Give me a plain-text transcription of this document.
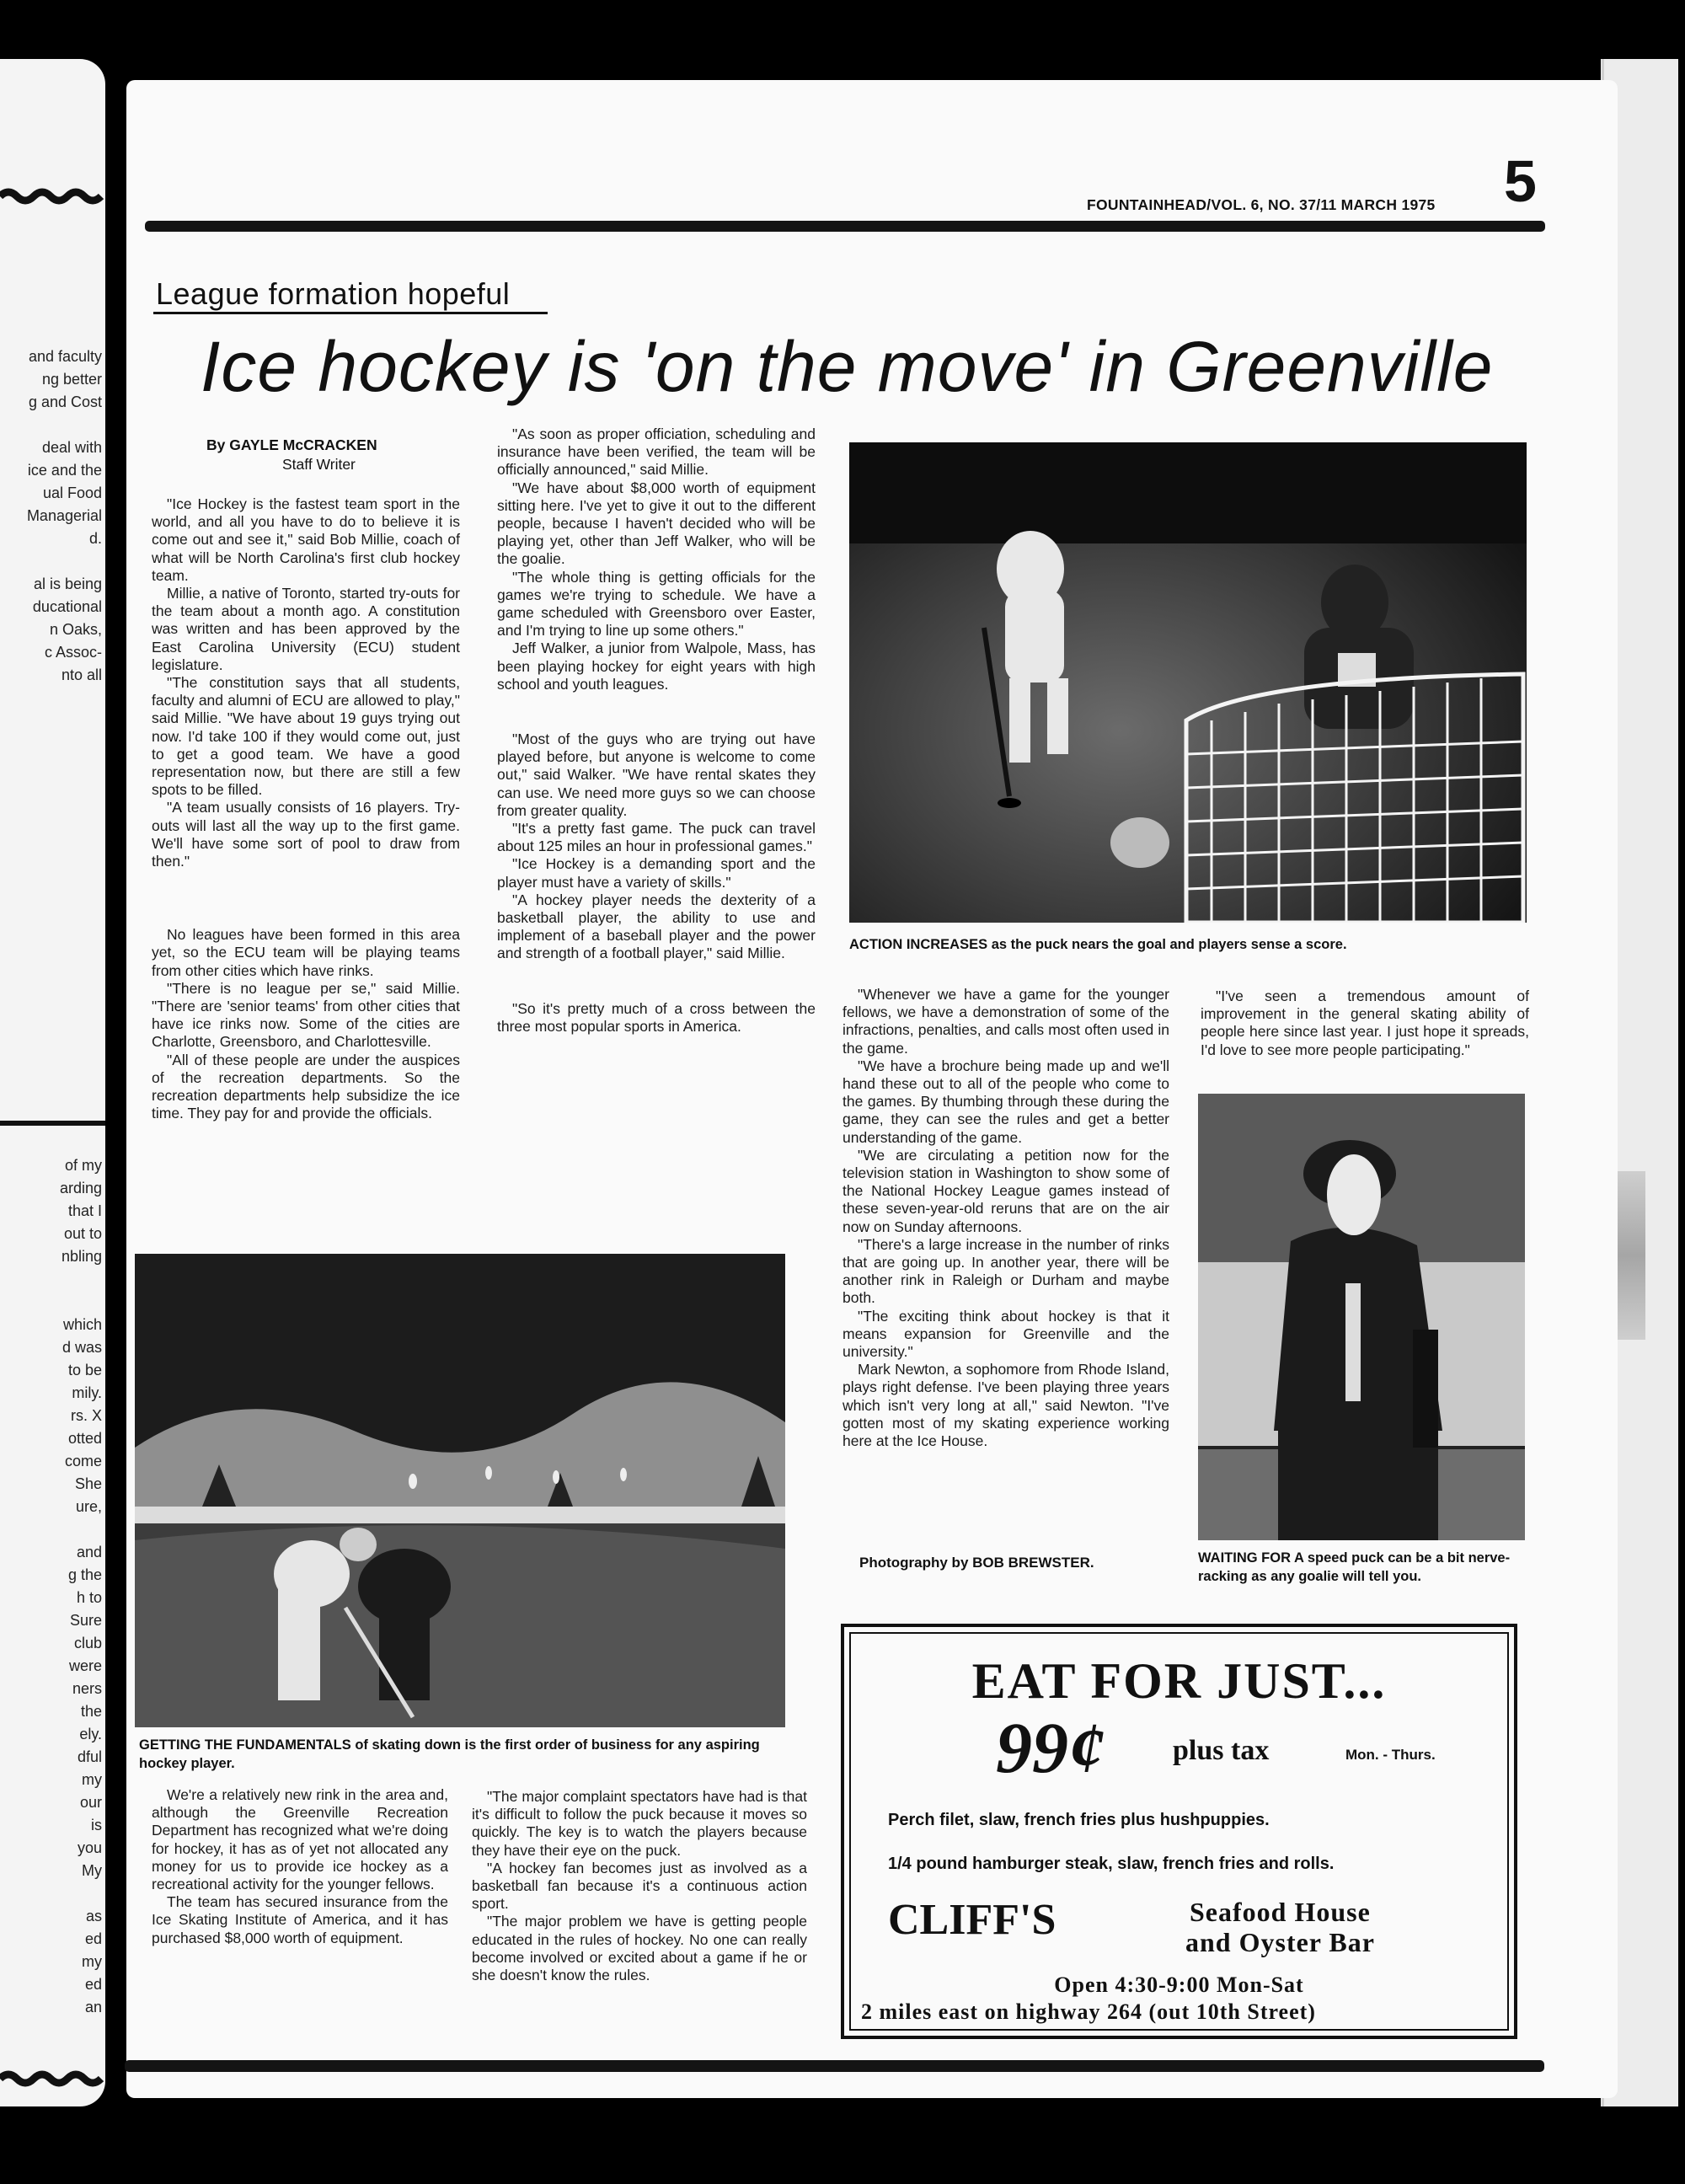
and faculty
ng better
g and Cost

deal with
ice and the
ual Food
Managerial
d.

al is being
ducational
n Oaks,
c Assoc-
nto all
of my
arding
that I
out to
nbling

which
d was
to be
mily.
rs. X
otted
come
She
ure,

and
g the
h to
Sure
club
were
ners
the
ely.
dful
my
our
is
you
My

as
ed
my
ed
an
FOUNTAINHEAD/VOL. 6, NO. 37/11 MARCH 1975 5
League formation hopeful
Ice hockey is 'on the move' in Greenville
By GAYLE McCRACKEN
Staff Writer

"Ice Hockey is the fastest team sport in the world, and all you have to do to believe it is come out and see it," said Bob Millie, coach of what will be North Carolina's first club hockey team.

Millie, a native of Toronto, started try-outs for the team about a month ago. A constitution was written and has been approved by the East Carolina University (ECU) student legislature.

"The constitution says that all students, faculty and alumni of ECU are allowed to play," said Millie. "We have about 19 guys trying out now. I'd take 100 if they would come out, just to get a good team. We have a good representation now, but there are still a few spots to be filled.

"A team usually consists of 16 players. Try-outs will last all the way up to the first game. We'll have some sort of pool to draw from then."

No leagues have been formed in this area yet, so the ECU team will be playing teams from other cities which have rinks.

"There is no league per se," said Millie. "There are 'senior teams' from other cities that have ice rinks now. Some of the cities are Charlotte, Greensboro, and Charlottesville.

"All of these people are under the auspices of the recreation departments. So the recreation departments help subsidize the ice time. They pay for and provide the officials.

"As soon as proper officiation, scheduling and insurance have been verified, the team will be officially announced," said Millie.

"We have about $8,000 worth of equipment sitting here. I've yet to give it out to the different people, because I haven't decided who will be playing yet, other than Jeff Walker, who will be the goalie.

"The whole thing is getting officials for the games we're trying to schedule. We have a game scheduled with Greensboro over Easter, and I'm trying to line up some others."

Jeff Walker, a junior from Walpole, Mass, has been playing hockey for eight years with high school and youth leagues.

"Most of the guys who are trying out have played before, but anyone is welcome to come out," said Walker. "We have rental skates they can use. We need more guys so we can choose from greater quality.

"It's a pretty fast game. The puck can travel about 125 miles an hour in professional games."

"Ice Hockey is a demanding sport and the player must have a variety of skills."

"A hockey player needs the dexterity of a basketball player, the ability to use and implement of a baseball player and the power and strength of a football player," said Millie.

"So it's pretty much of a cross between the three most popular sports in America.

ACTION INCREASES as the puck nears the goal and players sense a score.

"Whenever we have a game for the younger fellows, we have a demonstration of some of the infractions, penalties, and calls most often used in the game.

"We have a brochure being made up and we'll hand these out to all of the people who come to the games. By thumbing through these during the game, they can see the rules and get a better understanding of the game.

"We are circulating a petition now for the television station in Washington to show some of the National Hockey League games instead of these seven-year-old reruns that are on the air now on Sunday afternoons.

"There's a large increase in the number of rinks that are going up. In another year, there will be another rink in Raleigh or Durham and maybe both.

"The exciting think about hockey is that it means expansion for Greenville and the university."

Mark Newton, a sophomore from Rhode Island, plays right defense. I've been playing three years which isn't very long at all," said Newton. "I've gotten most of my skating experience working here at the Ice House.

Photography by BOB BREWSTER.

"I've seen a tremendous amount of improvement in the general skating ability of people here since last year. I just hope it spreads, I'd love to see more people participating."

WAITING FOR A speed puck can be a bit nerve-racking as any goalie will tell you.
GETTING THE FUNDAMENTALS of skating down is the first order of business for any aspiring hockey player.

We're a relatively new rink in the area and, although the Greenville Recreation Department has recognized what we're doing for hockey, it has as of yet not allocated any money for us to provide ice hockey as a recreational activity for the younger fellows.

The team has secured insurance from the Ice Skating Institute of America, and it has purchased $8,000 worth of equipment.

"The major complaint spectators have had is that it's difficult to follow the puck because it moves so quickly. The key is to watch the players because they have their eye on the puck.

"A hockey fan becomes just as involved as a basketball fan because it's a continuous action sport.

"The major problem we have is getting people educated in the rules of hockey. No one can really become involved or excited about a game if he or she doesn't know the rules.

EAT FOR JUST...
99¢ plus tax	Mon. - Thurs.
Perch filet, slaw, french fries plus hushpuppies.
1/4 pound hamburger steak, slaw, french fries and rolls.
CLIFF'S	Seafood House
and Oyster Bar
Open 4:30-9:00 Mon-Sat
2 miles east on highway 264 (out 10th Street)
